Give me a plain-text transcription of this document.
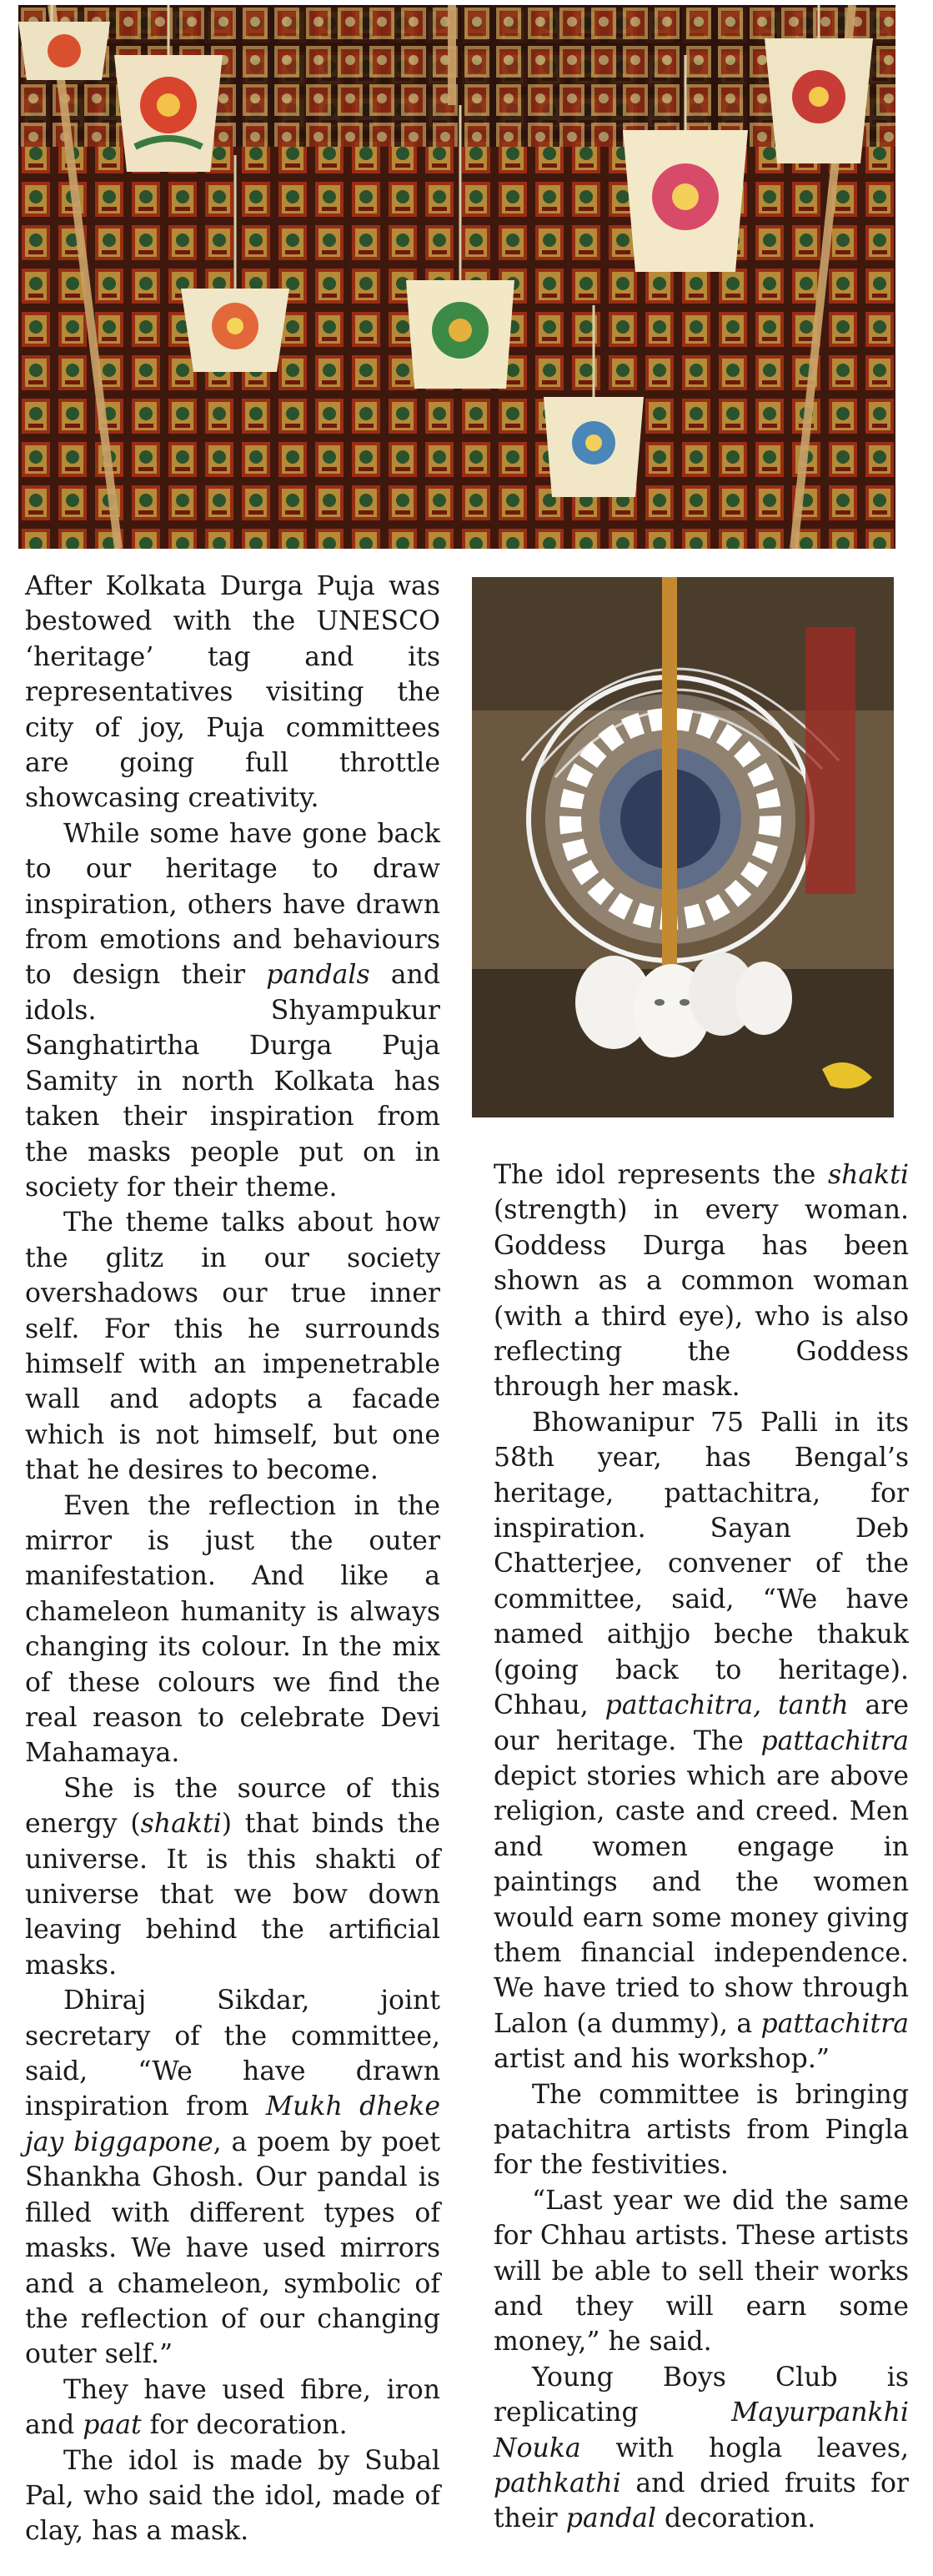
After Kolkata Durga Puja was bestowed with the UNESCO ‘heritage’ tag and its representatives visiting the city of joy, Puja committees are going full throttle showcasing creativity.

While some have gone back to our heritage to draw inspiration, others have drawn from emotions and behaviours to design their pandals and idols. Shyampukur Sanghatirtha Durga Puja Samity in north Kolkata has taken their inspiration from the masks people put on in society for their theme.

The theme talks about how the glitz in our society overshadows our true inner self. For this he surrounds himself with an impenetrable wall and adopts a facade which is not himself, but one that he desires to become.

Even the reflection in the mirror is just the outer manifestation. And like a chameleon humanity is always changing its colour. In the mix of these colours we find the real reason to celebrate Devi Mahamaya.

She is the source of this energy (shakti) that binds the universe. It is this shakti of universe that we bow down leaving behind the artificial masks.

Dhiraj Sikdar, joint secretary of the committee, said, “We have drawn inspiration from Mukh dheke jay biggapone, a poem by poet Shankha Ghosh. Our pandal is filled with different types of masks. We have used mirrors and a chameleon, symbolic of the reflection of our changing outer self.”

They have used fibre, iron and paat for decoration.

The idol is made by Subal Pal, who said the idol, made of clay, has a mask.

The idol represents the shakti (strength) in every woman. Goddess Durga has been shown as a common woman (with a third eye), who is also reflecting the Goddess through her mask.

Bhowanipur 75 Palli in its 58th year, has Bengal’s heritage, pattachitra, for inspiration. Sayan Deb Chatterjee, convener of the committee, said, “We have named aithjjo beche thakuk (going back to heritage). Chhau, pattachitra, tanth are our heritage. The pattachitra depict stories which are above religion, caste and creed. Men and women engage in paintings and the women would earn some money giving them financial independence. We have tried to show through Lalon (a dummy), a pattachitra artist and his workshop.”

The committee is bringing patachitra artists from Pingla for the festivities.

“Last year we did the same for Chhau artists. These artists will be able to sell their works and they will earn some money,” he said.

Young Boys Club is replicating Mayurpankhi Nouka with hogla leaves, pathkathi and dried fruits for their pandal decoration.
